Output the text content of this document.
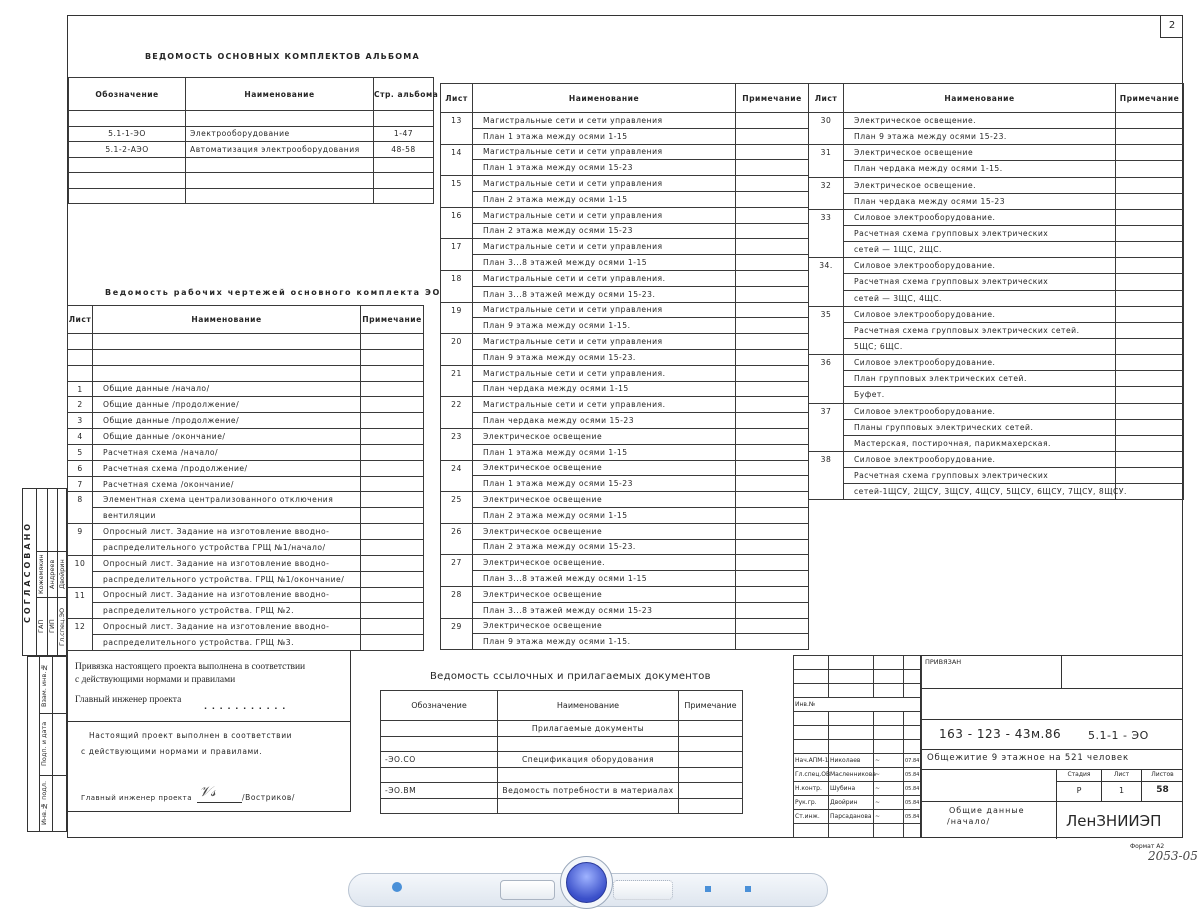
2
ВЕДОМОСТЬ ОСНОВНЫХ КОМПЛЕКТОВ АЛЬБОМА
Обозначение	Наименование	Стр. альбома

5.1-1-ЭО	Электрооборудование	1-47
5.1-2-АЭО	Автоматизация электрооборудования	48-58

Ведомость рабочих чертежей основного комплекта ЭО
Лист	Наименование	Примечание

1	Общие данные /начало/	
2	Общие данные /продолжение/	
3	Общие данные /продолжение/	
4	Общие данные /окончание/	
5	Расчетная схема /начало/	
6	Расчетная схема /продолжение/	
7	Расчетная схема /окончание/	
8	Элементная схема централизованного отключения	
	вентиляции	
9	Опросный лист. Задание на изготовление вводно-	
	распределительного устройства ГРЩ №1/начало/	
10	Опросный лист. Задание на изготовление вводно-	
	распределительного устройства. ГРЩ №1/окончание/	
11	Опросный лист. Задание на изготовление вводно-	
	распределительного устройства. ГРЩ №2.	
12	Опросный лист. Задание на изготовление вводно-	
	распределительного устройства. ГРЩ №3.	
Лист	Наименование	Примечание
13	Магистральные сети и сети управления	
	План 1 этажа между осями 1-15	
14	Магистральные сети и сети управления	
	План 1 этажа между осями 15-23	
15	Магистральные сети и сети управления	
	План 2 этажа между осями 1-15	
16	Магистральные сети и сети управления	
	План 2 этажа между осями 15-23	
17	Магистральные сети и сети управления	
	План 3...8 этажей между осями 1-15	
18	Магистральные сети и сети управления.	
	План 3...8 этажей между осями 15-23.	
19	Магистральные сети и сети управления	
	План 9 этажа между осями 1-15.	
20	Магистральные сети и сети управления	
	План 9 этажа между осями 15-23.	
21	Магистральные сети и сети управления.	
	План чердака между осями 1-15	
22	Магистральные сети и сети управления.	
	План чердака между осями 15-23	
23	Электрическое освещение	
	План 1 этажа между осями 1-15	
24	Электрическое освещение	
	План 1 этажа между осями 15-23	
25	Электрическое освещение	
	План 2 этажа между осями 1-15	
26	Электрическое освещение	
	План 2 этажа между осями 15-23.	
27	Электрическое освещение.	
	План 3...8 этажей между осями 1-15	
28	Электрическое освещение	
	План 3...8 этажей между осями 15-23	
29	Электрическое освещение	
	План 9 этажа между осями 1-15.	
Лист	Наименование	Примечание
30	Электрическое освещение.	
	План 9 этажа между осями 15-23.	
31	Электрическое освещение	
	План чердака между осями 1-15.	
32	Электрическое освещение.	
	План чердака между осями 15-23	
33	Силовое электрооборудование.	
	Расчетная схема групповых электрических	
	сетей — 1ЩС, 2ЩС.	
34.	Силовое электрооборудование.	
	Расчетная схема групповых электрических	
	сетей — 3ЩС, 4ЩС.	
35	Силовое электрооборудование.	
	Расчетная схема групповых электрических сетей.	
	5ЩС; 6ЩС.	
36	Силовое электрооборудование.	
	План групповых электрических сетей.	
	Буфет.	
37	Силовое электрооборудование.	
	Планы групповых электрических сетей.	
	Мастерская, постирочная, парикмахерская.	
38	Силовое электрооборудование.	
	Расчетная схема групповых электрических	
	сетей-1ЩСУ, 2ЩСУ, 3ЩСУ, 4ЩСУ, 5ЩСУ, 6ЩСУ, 7ЩСУ, 8ЩСУ.	
СОГЛАСОВАНО
ГАП ГИП Гл.спец.ЭО
Кожемякин Андреев Двойрин
Взам. инв.№
Подп. и дата
Инв.№ подл.
Привязка настоящего проекта выполнена в соответствии
с действующими нормами и правилами
Главный инженер проекта
. . . . . . . . . . .
Настоящий проект выполнен в соответствии
с действующими нормами и правилами.
Главный инженер проекта 𝒱𝓈	/Востриков/
Ведомость ссылочных и прилагаемых документов
Обозначение	Наименование	Примечание
	Прилагаемые документы	

-ЭО.СО	Спецификация оборудования	

-ЭО.ВМ	Ведомость потребности в материалах	

Инв.№			

Нач.АПМ-1	Николаев	~	07.84
Гл.спец.ОВ	Масленникова	~	05.84
Н.контр.	Шубина	~	05.84
Рук.гр.	Двойрин	~	05.84
Ст.инж.	Парсаданова	~	05.84

ПРИВЯЗАН
163 - 123 - 43м.86 5.1-1 - ЭО
Общежитие 9 этажное на 521 человек
Стадия	Лист	Листов
Р	1	58
Общие данные
/начало/	ЛенЗНИИЭП
Формат А2
2053-05
